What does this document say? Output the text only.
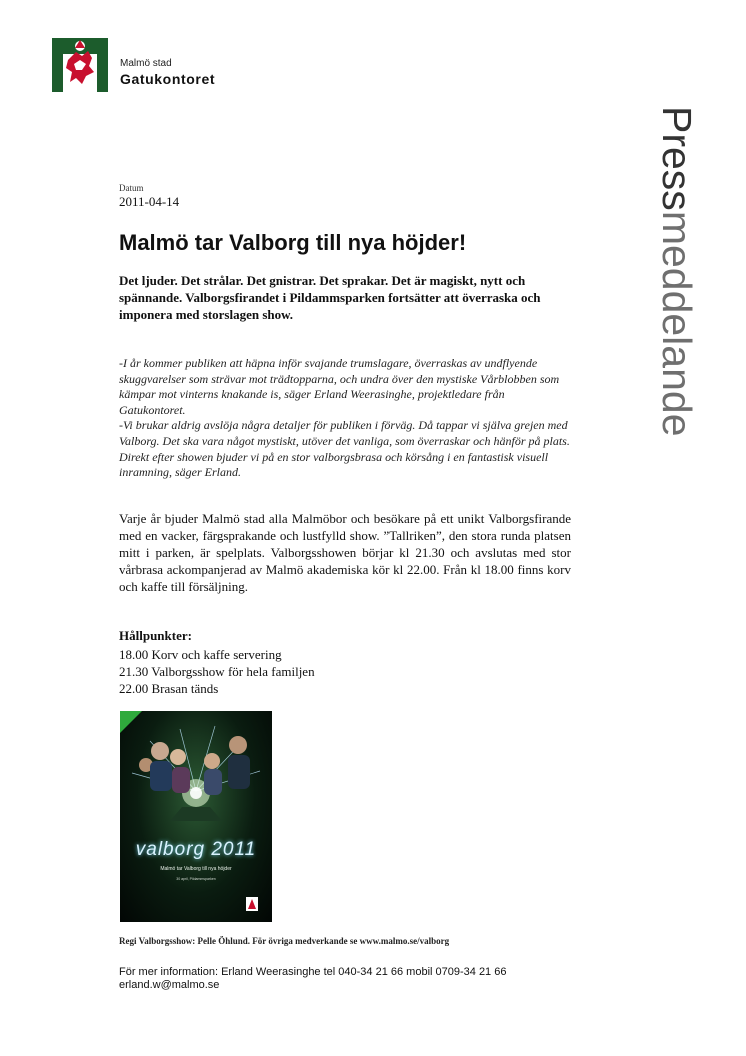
Malmö stad
Gatukontoret
Pressmeddelande
Datum
2011-04-14
Malmö tar Valborg till nya höjder!
Det ljuder. Det strålar. Det gnistrar. Det sprakar. Det är magiskt, nytt och spännande. Valborgsfirandet i Pildammsparken fortsätter att överraska och imponera med storslagen show.

-I år kommer publiken att häpna inför svajande trumslagare, överraskas av undflyende skuggvarelser som strävar mot trädtopparna, och undra över den mystiske Vårblobben som kämpar mot vinterns knakande is, säger Erland Weerasinghe, projektledare från Gatukontoret.

-Vi brukar aldrig avslöja några detaljer för publiken i förväg. Då tappar vi själva grejen med Valborg. Det ska vara något mystiskt, utöver det vanliga, som överraskar och hänför på plats. Direkt efter showen bjuder vi på en stor valborgsbrasa och körsång i en fantastisk visuell inramning, säger Erland.

Varje år bjuder Malmö stad alla Malmöbor och besökare på ett unikt Valborgsfirande med en vacker, färgsprakande och lustfylld show. ”Tallriken”, den stora runda platsen mitt i parken, är spelplats. Valborgsshowen börjar kl 21.30 och avslutas med stor vårbrasa ackompanjerad av Malmö akademiska kör kl 22.00. Från kl 18.00 finns korv och kaffe till försäljning.
Hållpunkter:
18.00 Korv och kaffe servering
21.30 Valborgsshow för hela familjen
22.00 Brasan tänds
valborg 2011
Malmö tar Valborg till nya höjder
30 april, Pildammsparken
Regi Valborgsshow: Pelle Öhlund. För övriga medverkande se www.malmo.se/valborg
För mer information: Erland Weerasinghe tel 040-34 21 66 mobil 0709-34 21 66
erland.w@malmo.se
